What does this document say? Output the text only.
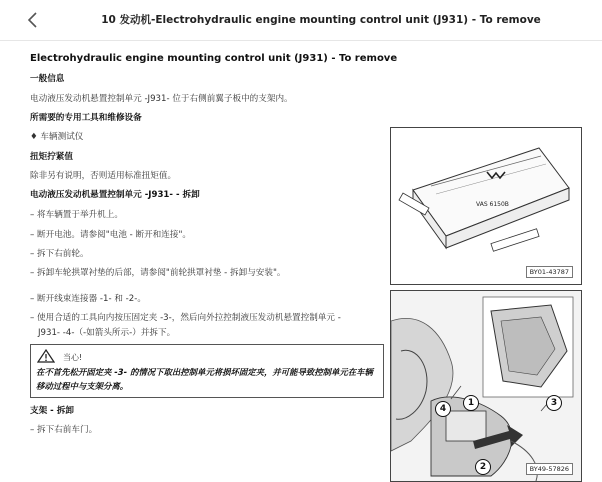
10 发动机-Electrohydraulic engine mounting control unit (J931) - To remove
Electrohydraulic engine mounting control unit (J931) - To remove
一般信息
电动液压发动机悬置控制单元 -J931- 位于右侧前翼子板中的支架内。
所需要的专用工具和维修设备
♦ 车辆测试仪
扭矩拧紧值
除非另有说明，否则适用标准扭矩值。
电动液压发动机悬置控制单元 -J931- - 拆卸
– 将车辆置于举升机上。
– 断开电池。请参阅"电池 - 断开和连接"。
– 拆下右前轮。
– 拆卸车轮拱罩衬垫的后部，请参阅"前轮拱罩衬垫 - 拆卸与安装"。
– 断开线束连接器 -1- 和 -2-。
– 使用合适的工具向内按压固定夹 -3-，然后向外拉控制液压发动机悬置控制单元 -
J931- -4-（-如箭头所示-）并拆下。
当心!
在不首先松开固定夹 -3- 的情况下取出控制单元将损坏固定夹，并可能导致控制单元在车辆移动过程中与支架分离。
支架 - 拆卸
– 拆下右前车门。
VAS 6150B
BY01-43787
4
1	3
2	BY49-57826
